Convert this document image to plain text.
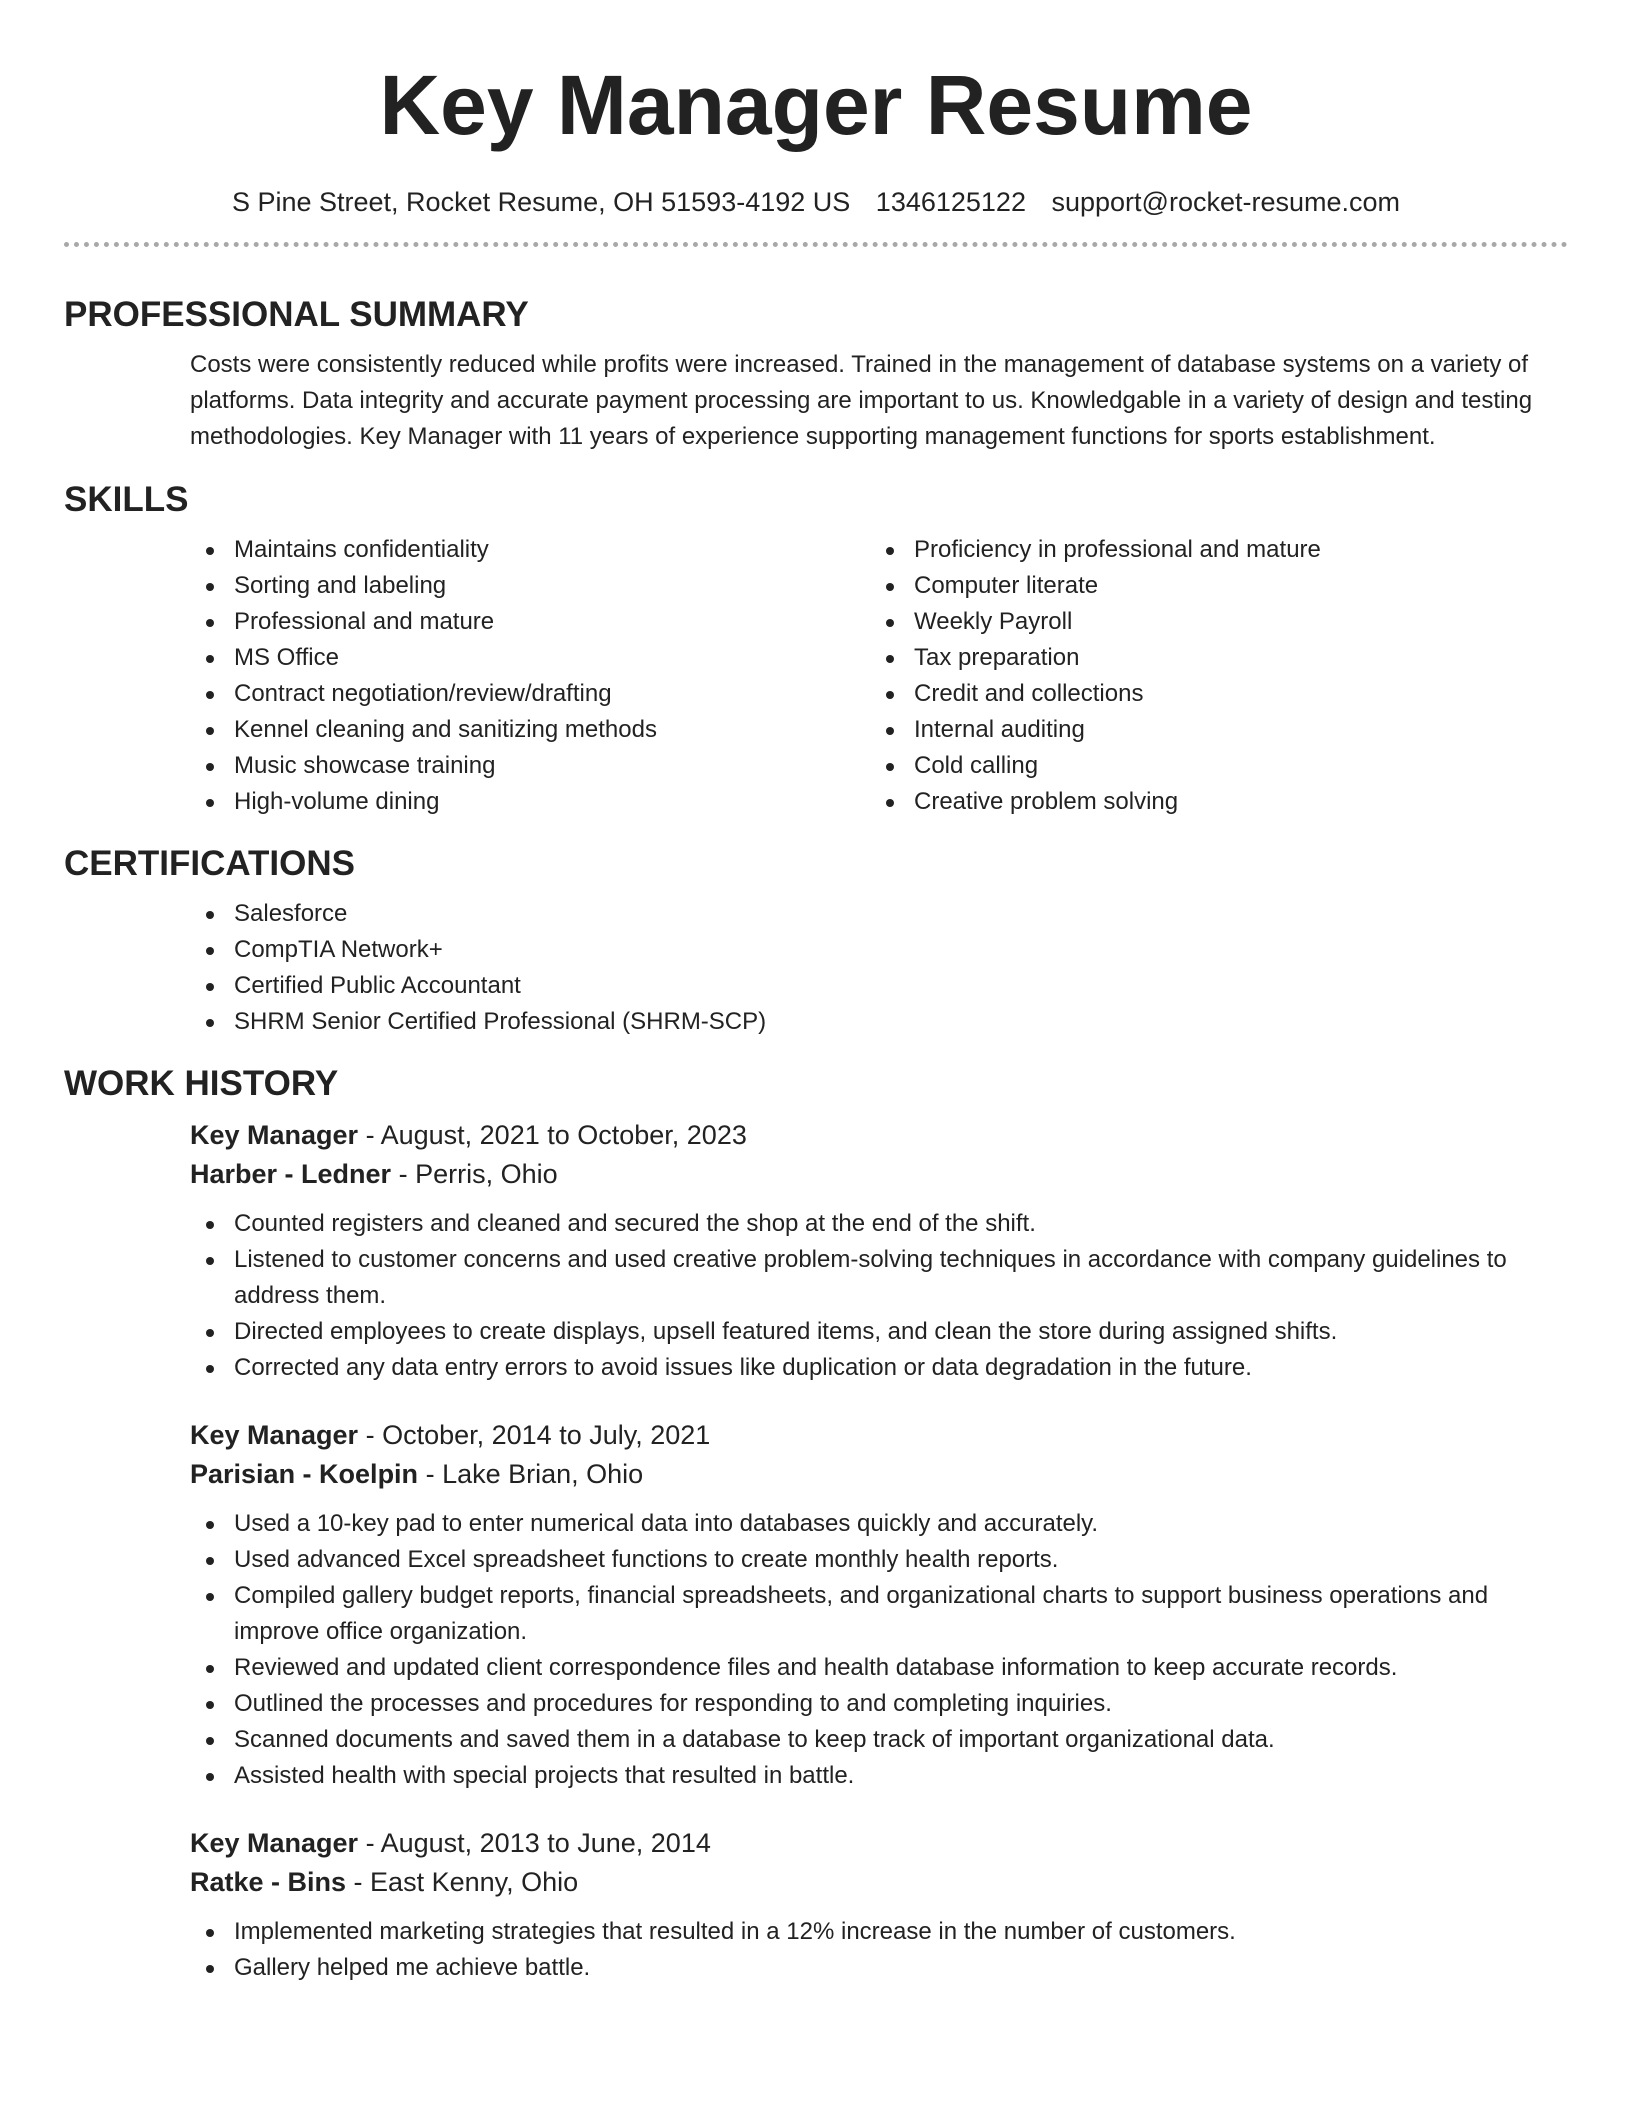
Key Manager Resume
S Pine Street, Rocket Resume, OH 51593-4192 US 1346125122 support@rocket-resume.com
PROFESSIONAL SUMMARY

Costs were consistently reduced while profits were increased. Trained in the management of database systems on a variety of platforms. Data integrity and accurate payment processing are important to us. Knowledgable in a variety of design and testing methodologies. Key Manager with 11 years of experience supporting management functions for sports establishment.

SKILLS
Maintains confidentiality
Sorting and labeling
Professional and mature
MS Office
Contract negotiation/review/drafting
Kennel cleaning and sanitizing methods
Music showcase training
High-volume dining
Proficiency in professional and mature
Computer literate
Weekly Payroll
Tax preparation
Credit and collections
Internal auditing
Cold calling
Creative problem solving
CERTIFICATIONS
Salesforce
CompTIA Network+
Certified Public Accountant
SHRM Senior Certified Professional (SHRM-SCP)
WORK HISTORY
Key Manager - August, 2021 to October, 2023
Harber - Ledner - Perris, Ohio
Counted registers and cleaned and secured the shop at the end of the shift.
Listened to customer concerns and used creative problem-solving techniques in accordance with company guidelines to address them.
Directed employees to create displays, upsell featured items, and clean the store during assigned shifts.
Corrected any data entry errors to avoid issues like duplication or data degradation in the future.
Key Manager - October, 2014 to July, 2021
Parisian - Koelpin - Lake Brian, Ohio
Used a 10-key pad to enter numerical data into databases quickly and accurately.
Used advanced Excel spreadsheet functions to create monthly health reports.
Compiled gallery budget reports, financial spreadsheets, and organizational charts to support business operations and improve office organization.
Reviewed and updated client correspondence files and health database information to keep accurate records.
Outlined the processes and procedures for responding to and completing inquiries.
Scanned documents and saved them in a database to keep track of important organizational data.
Assisted health with special projects that resulted in battle.
Key Manager - August, 2013 to June, 2014
Ratke - Bins - East Kenny, Ohio
Implemented marketing strategies that resulted in a 12% increase in the number of customers.
Gallery helped me achieve battle.
